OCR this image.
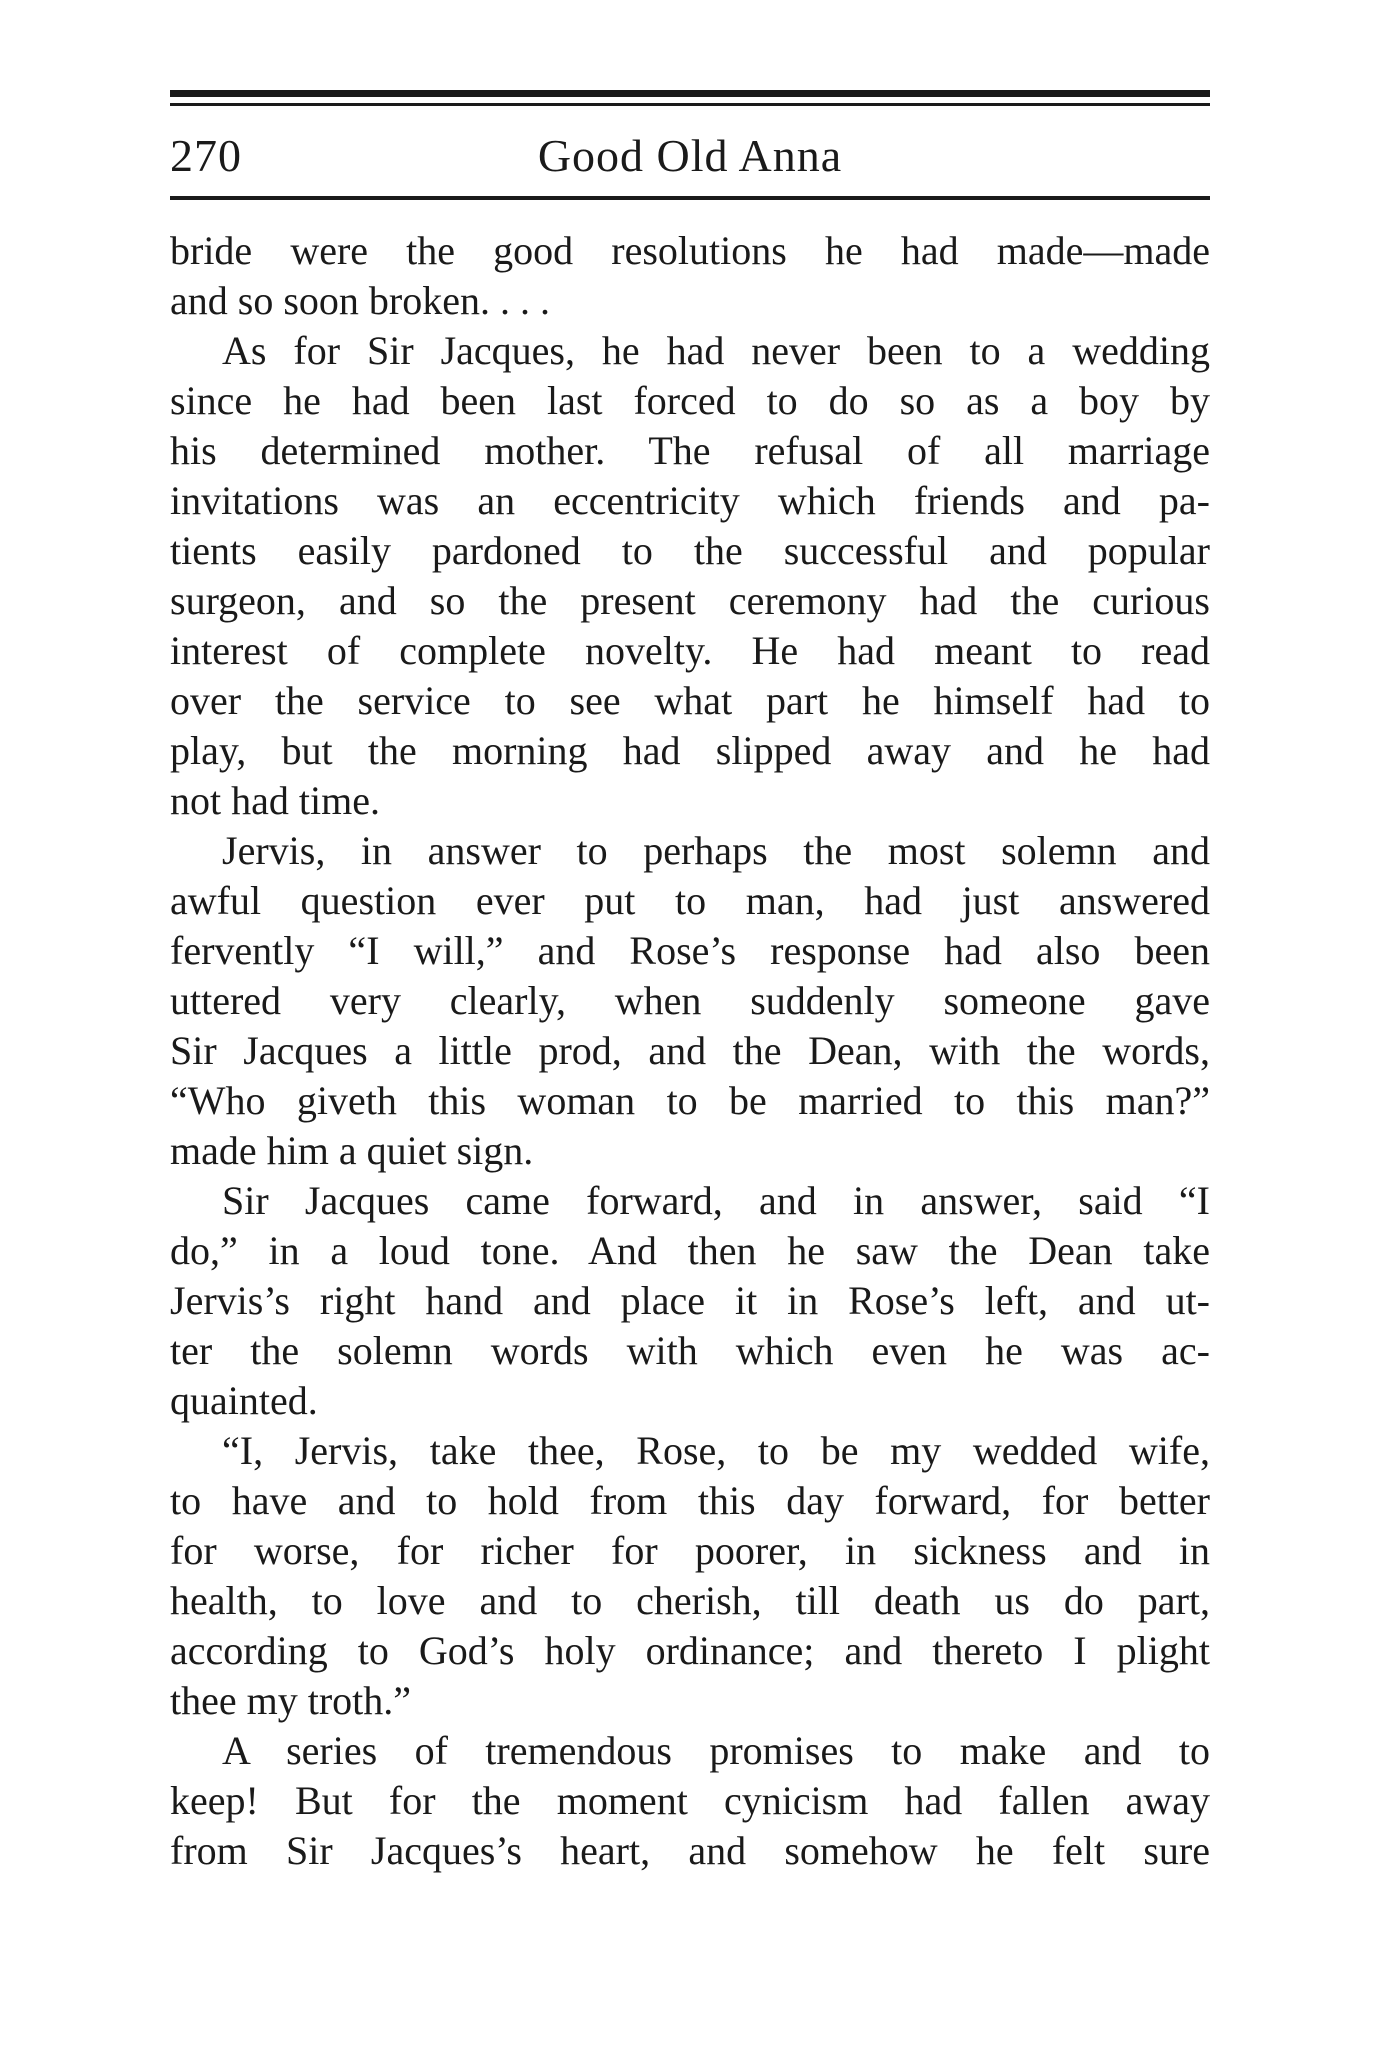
270	Good Old Anna
bride were the good resolutions he had made—made
and so soon broken. . . .
As for Sir Jacques, he had never been to a wedding
since he had been last forced to do so as a boy by
his determined mother. The refusal of all marriage
invitations was an eccentricity which friends and pa-
tients easily pardoned to the successful and popular
surgeon, and so the present ceremony had the curious
interest of complete novelty. He had meant to read
over the service to see what part he himself had to
play, but the morning had slipped away and he had
not had time.
Jervis, in answer to perhaps the most solemn and
awful question ever put to man, had just answered
fervently “I will,” and Rose’s response had also been
uttered very clearly, when suddenly someone gave
Sir Jacques a little prod, and the Dean, with the words,
“Who giveth this woman to be married to this man?”
made him a quiet sign.
Sir Jacques came forward, and in answer, said “I
do,” in a loud tone. And then he saw the Dean take
Jervis’s right hand and place it in Rose’s left, and ut-
ter the solemn words with which even he was ac-
quainted.
“I, Jervis, take thee, Rose, to be my wedded wife,
to have and to hold from this day forward, for better
for worse, for richer for poorer, in sickness and in
health, to love and to cherish, till death us do part,
according to God’s holy ordinance; and thereto I plight
thee my troth.”
A series of tremendous promises to make and to
keep! But for the moment cynicism had fallen away
from Sir Jacques’s heart, and somehow he felt sure
